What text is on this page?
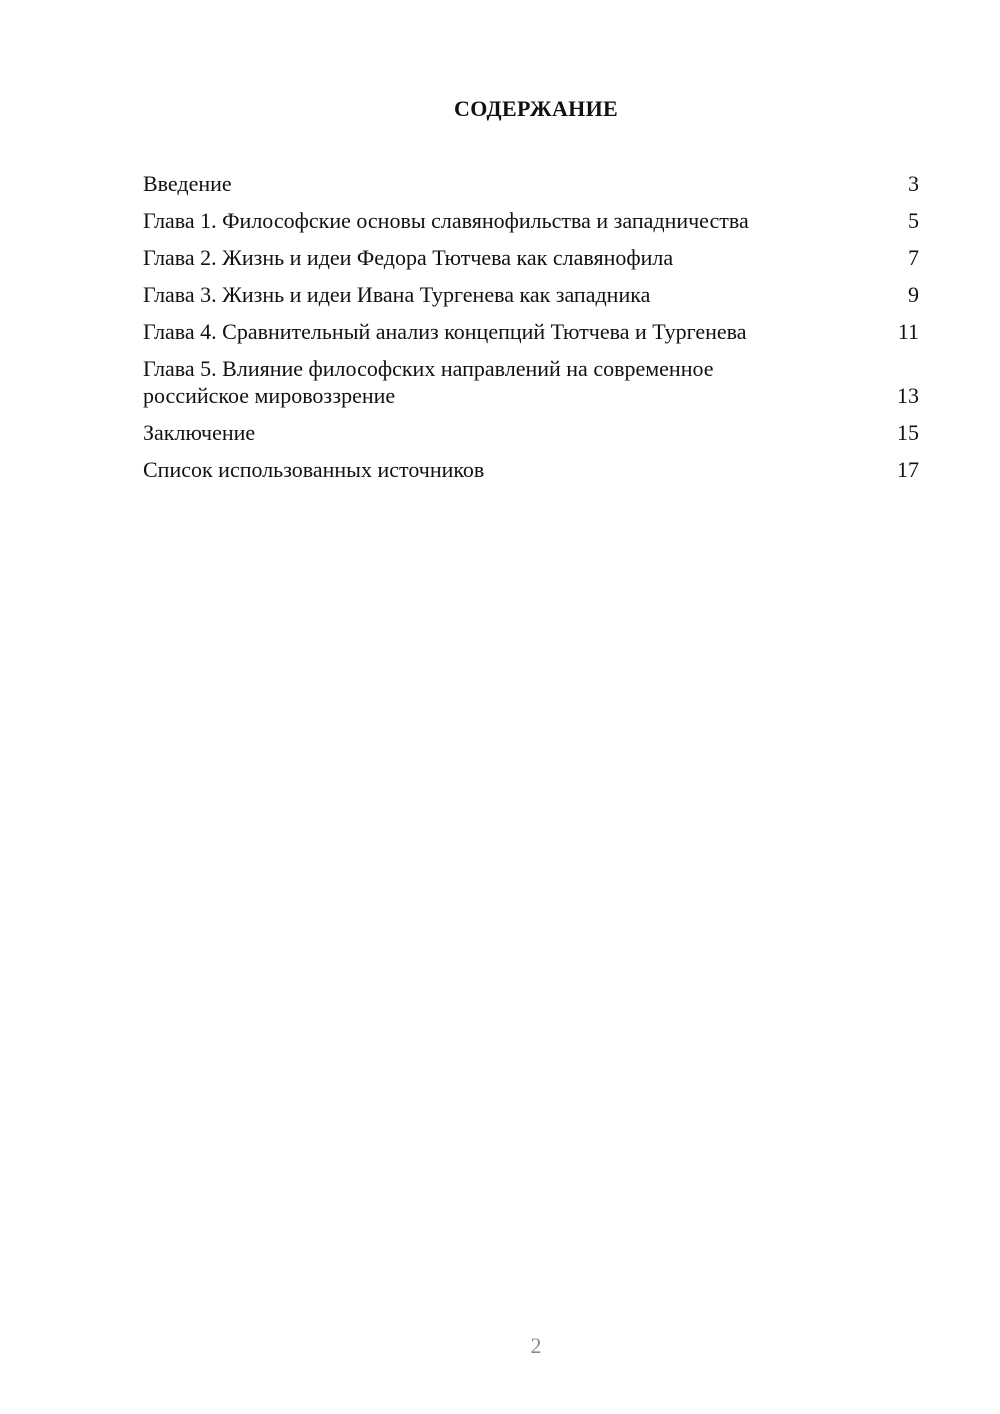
СОДЕРЖАНИЕ
Введение	3
Глава 1. Философские основы славянофильства и западничества	5
Глава 2. Жизнь и идеи Федора Тютчева как славянофила	7
Глава 3. Жизнь и идеи Ивана Тургенева как западника	9
Глава 4. Сравнительный анализ концепций Тютчева и Тургенева	11
Глава 5. Влияние философских направлений на современное российское мировоззрение	13
Заключение	15
Список использованных источников	17
2
